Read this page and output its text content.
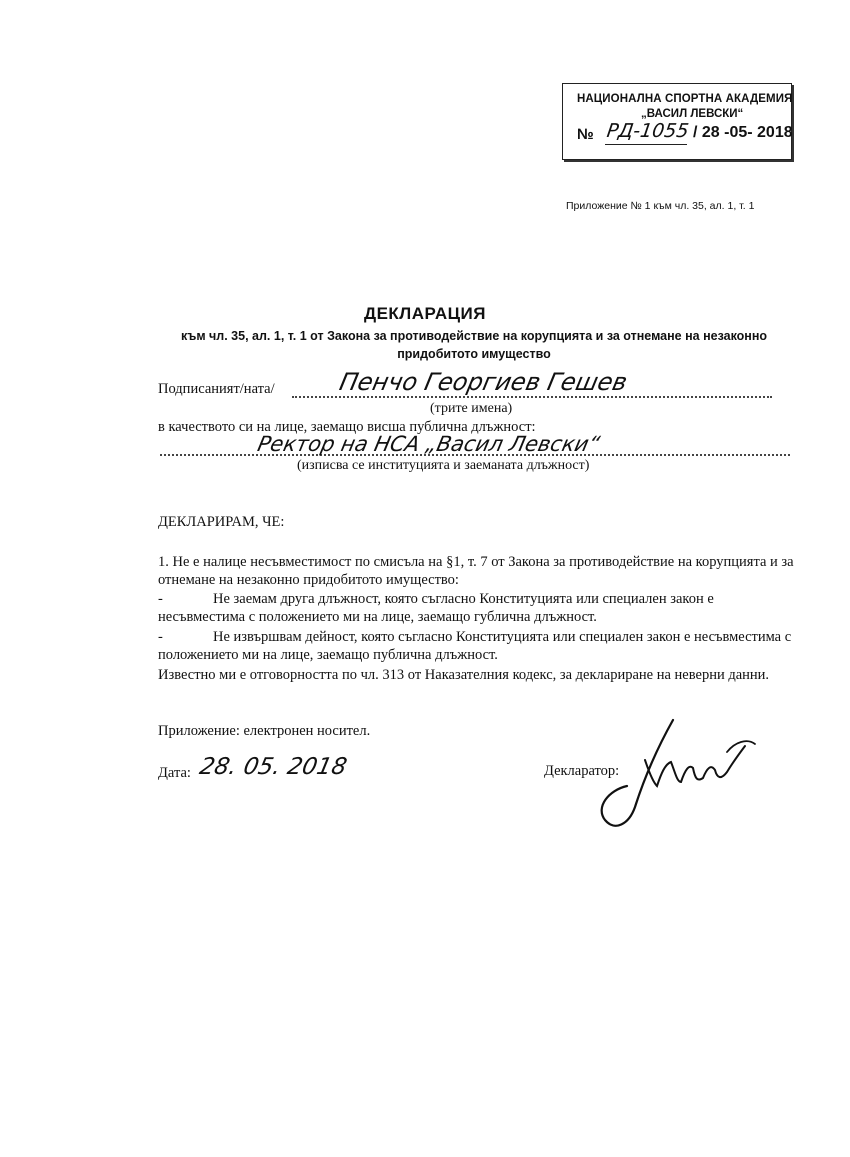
НАЦИОНАЛНА СПОРТНА АКАДЕМИЯ
„ВАСИЛ ЛЕВСКИ“
№ РД-1055 / 28 -05- 2018
Приложение № 1 към чл. 35, ал. 1, т. 1
ДЕКЛАРАЦИЯ
към чл. 35, ал. 1, т. 1 от Закона за противодействие на корупцията и за отнемане на незаконно придобитото имущество
Подписаният/ната/	Пенчо Георгиев Гешев
(трите имена)
в качеството си на лице, заемащо висша публична длъжност:
Ректор на НСА „Васил Левски“
(изписва се институцията и заеманата длъжност)
ДЕКЛАРИРАМ, ЧЕ:
1. Не е налице несъвместимост по смисъла на §1, т. 7 от Закона за противодействие на корупцията и за отнемане на незаконно придобитото имущество:
-	Не заемам друга длъжност, която съгласно Конституцията или специален закон е несъвместима с положението ми на лице, заемащо гублична длъжност.
-	Не извършвам дейност, която съгласно Конституцията или специален закон е несъвместима с положението ми на лице, заемащо публична длъжност.
Известно ми е отговорността по чл. 313 от Наказателния кодекс, за деклариране на неверни данни.
Приложение: електронен носител.
Дата: 28. 05. 2018	Декларатор:
